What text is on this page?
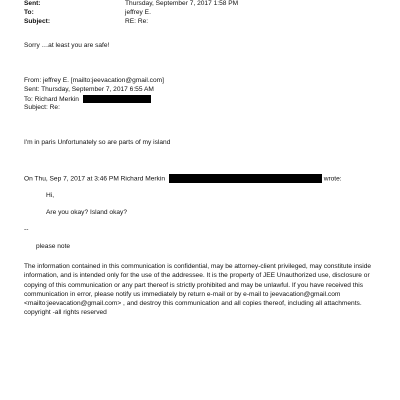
Sent:	Thursday, September 7, 2017 1:58 PM
To:	jeffrey E.
Subject:	RE: Re:
Sorry …at least you are safe!
From: jeffrey E. [mailto:jeevacation@gmail.com]
Sent: Thursday, September 7, 2017 6:55 AM
To: Richard Merkin
Subject: Re:
I'm in paris Unfortunately so are parts of my island
On Thu, Sep 7, 2017 at 3:46 PM Richard Merkin	wrote:
Hi,
Are you okay? Island okay?
--
please note
The information contained in this communication is confidential, may be attorney-client privileged, may constitute inside information, and is intended only for the use of the addressee. It is the property of JEE Unauthorized use, disclosure or copying of this communication or any part thereof is strictly prohibited and may be unlawful. If you have received this communication in error, please notify us immediately by return e-mail or by e-mail to jeevacation@gmail.com <mailto:jeevacation@gmail.com> , and destroy this communication and all copies thereof, including all attachments. copyright -all rights reserved
